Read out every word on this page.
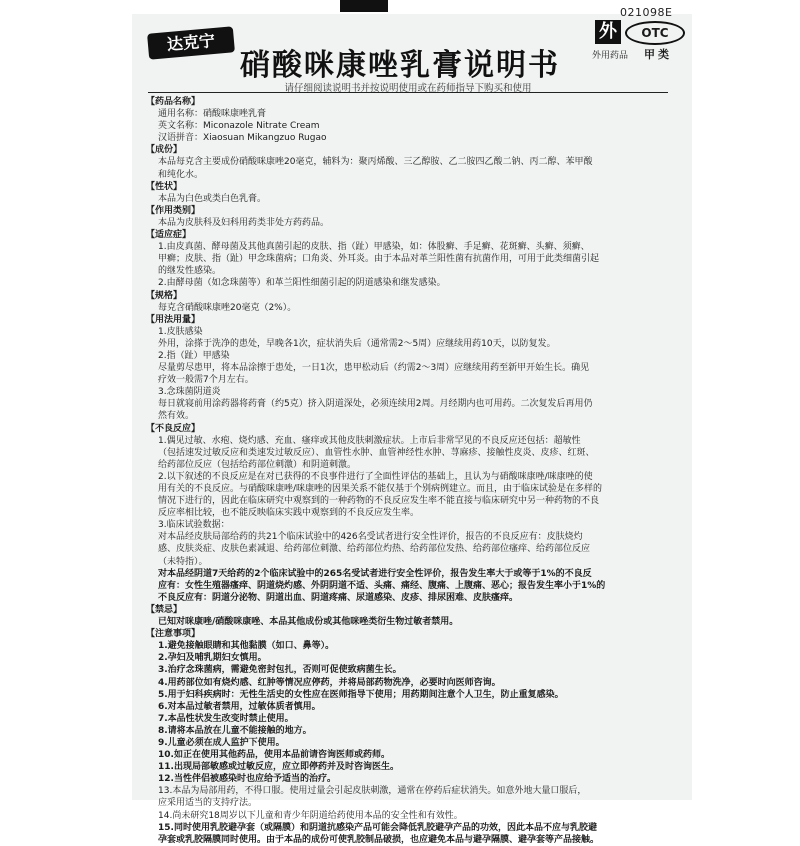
021098E
达克宁
硝酸咪康唑乳膏说明书
外	OTC
外用药品 甲类
请仔细阅读说明书并按说明使用或在药师指导下购买和使用

【药品名称】

通用名称：硝酸咪康唑乳膏

英文名称：Miconazole Nitrate Cream

汉语拼音：Xiaosuan Mikangzuo Rugao

【成份】

本品每克含主要成份硝酸咪康唑20毫克，辅料为：聚丙烯酸、三乙醇胺、乙二胺四乙酸二钠、丙二醇、苯甲酸

和纯化水。

【性状】

本品为白色或类白色乳膏。

【作用类别】

本品为皮肤科及妇科用药类非处方药药品。

【适应症】

1.由皮真菌、酵母菌及其他真菌引起的皮肤、指（趾）甲感染，如：体股癣、手足癣、花斑癣、头癣、须癣、

甲癣；皮肤、指（趾）甲念珠菌病；口角炎、外耳炎。由于本品对革兰阳性菌有抗菌作用，可用于此类细菌引起

的继发性感染。

2.由酵母菌（如念珠菌等）和革兰阳性细菌引起的阴道感染和继发感染。

【规格】

每克含硝酸咪康唑20毫克（2%）。

【用法用量】

1.皮肤感染

外用，涂搽于洗净的患处，早晚各1次，症状消失后（通常需2～5周）应继续用药10天，以防复发。

2.指（趾）甲感染

尽量剪尽患甲，将本品涂擦于患处，一日1次，患甲松动后（约需2～3周）应继续用药至新甲开始生长。确见

疗效一般需7个月左右。

3.念珠菌阴道炎

每日就寝前用涂药器将药膏（约5克）挤入阴道深处，必须连续用2周。月经期内也可用药。二次复发后再用仍

然有效。

【不良反应】

1.偶见过敏、水疱、烧灼感、充血、瘙痒或其他皮肤刺激症状。上市后非常罕见的不良反应还包括：超敏性

（包括速发过敏反应和类速发过敏反应）、血管性水肿、血管神经性水肿、荨麻疹、接触性皮炎、皮疹、红斑、

给药部位反应（包括给药部位刺激）和阴道刺激。

2.以下叙述的不良反应是在对已获得的不良事件进行了全面性评估的基础上，且认为与硝酸咪康唑/咪康唑的使

用有关的不良反应。与硝酸咪康唑/咪康唑的因果关系不能仅基于个别病例建立。而且，由于临床试验是在多样的

情况下进行的，因此在临床研究中观察到的一种药物的不良反应发生率不能直接与临床研究中另一种药物的不良

反应率相比较，也不能反映临床实践中观察到的不良反应发生率。

3.临床试验数据：

对本品经皮肤局部给药的共21个临床试验中的426名受试者进行安全性评价，报告的不良反应有：皮肤烧灼

感、皮肤炎症、皮肤色素减退、给药部位刺激、给药部位灼热、给药部位发热、给药部位瘙痒、给药部位反应

（未特指）。

对本品经阴道7天给药的2个临床试验中的265名受试者进行安全性评价，报告发生率大于或等于1%的不良反

应有：女性生殖器瘙痒、阴道烧灼感、外阴阴道不适、头痛、痛经、腹痛、上腹痛、恶心；报告发生率小于1%的

不良反应有：阴道分泌物、阴道出血、阴道疼痛、尿道感染、皮疹、排尿困难、皮肤瘙痒。

【禁忌】

已知对咪康唑/硝酸咪康唑、本品其他成份或其他咪唑类衍生物过敏者禁用。

【注意事项】

1.避免接触眼睛和其他黏膜（如口、鼻等）。

2.孕妇及哺乳期妇女慎用。

3.治疗念珠菌病，需避免密封包扎，否则可促使致病菌生长。

4.用药部位如有烧灼感、红肿等情况应停药，并将局部药物洗净，必要时向医师咨询。

5.用于妇科疾病时：无性生活史的女性应在医师指导下使用；用药期间注意个人卫生，防止重复感染。

6.对本品过敏者禁用，过敏体质者慎用。

7.本品性状发生改变时禁止使用。

8.请将本品放在儿童不能接触的地方。

9.儿童必须在成人监护下使用。

10.如正在使用其他药品，使用本品前请咨询医师或药师。

11.出现局部敏感或过敏反应，应立即停药并及时咨询医生。

12.当性伴侣被感染时也应给予适当的治疗。

13.本品为局部用药，不得口服。使用过量会引起皮肤刺激，通常在停药后症状消失。如意外地大量口服后，

应采用适当的支持疗法。

14.尚未研究18周岁以下儿童和青少年阴道给药使用本品的安全性和有效性。

15.同时使用乳胶避孕套（或隔膜）和阴道抗感染产品可能会降低乳胶避孕产品的功效，因此本品不应与乳胶避

孕套或乳胶隔膜同时使用。由于本品的成份可使乳胶制品破损，也应避免本品与避孕隔膜、避孕套等产品接触。
